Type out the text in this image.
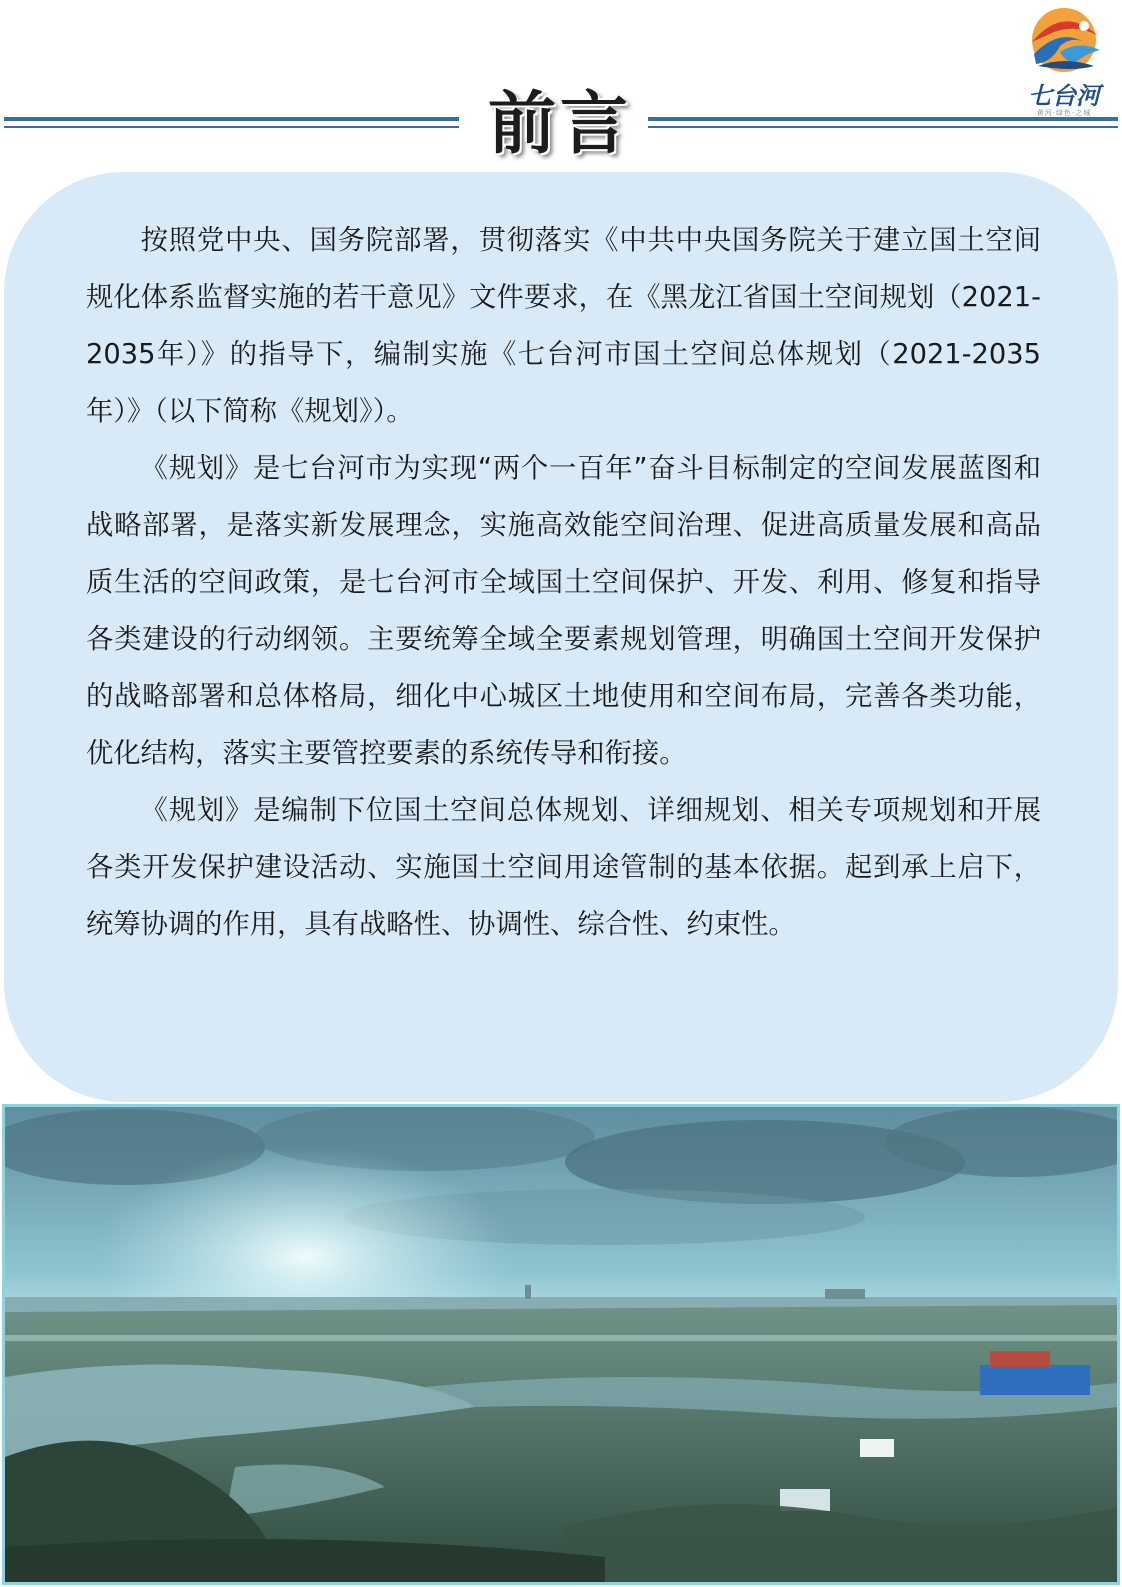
前言	七台河
黄河·绿色·之城

按照党中央、国务院部署，贯彻落实《中共中央国务院关于建立国土空间规化体系监督实施的若干意见》文件要求，在《黑龙江省国土空间规划（2021-2035年）》的指导下，编制实施《七台河市国土空间总体规划（2021-2035年）》（以下简称《规划》）。

《规划》是七台河市为实现“两个一百年”奋斗目标制定的空间发展蓝图和战略部署，是落实新发展理念，实施高效能空间治理、促进高质量发展和高品质生活的空间政策，是七台河市全域国土空间保护、开发、利用、修复和指导各类建设的行动纲领。主要统筹全域全要素规划管理，明确国土空间开发保护的战略部署和总体格局，细化中心城区土地使用和空间布局，完善各类功能，优化结构，落实主要管控要素的系统传导和衔接。

《规划》是编制下位国土空间总体规划、详细规划、相关专项规划和开展各类开发保护建设活动、实施国土空间用途管制的基本依据。起到承上启下，统筹协调的作用，具有战略性、协调性、综合性、约束性。
